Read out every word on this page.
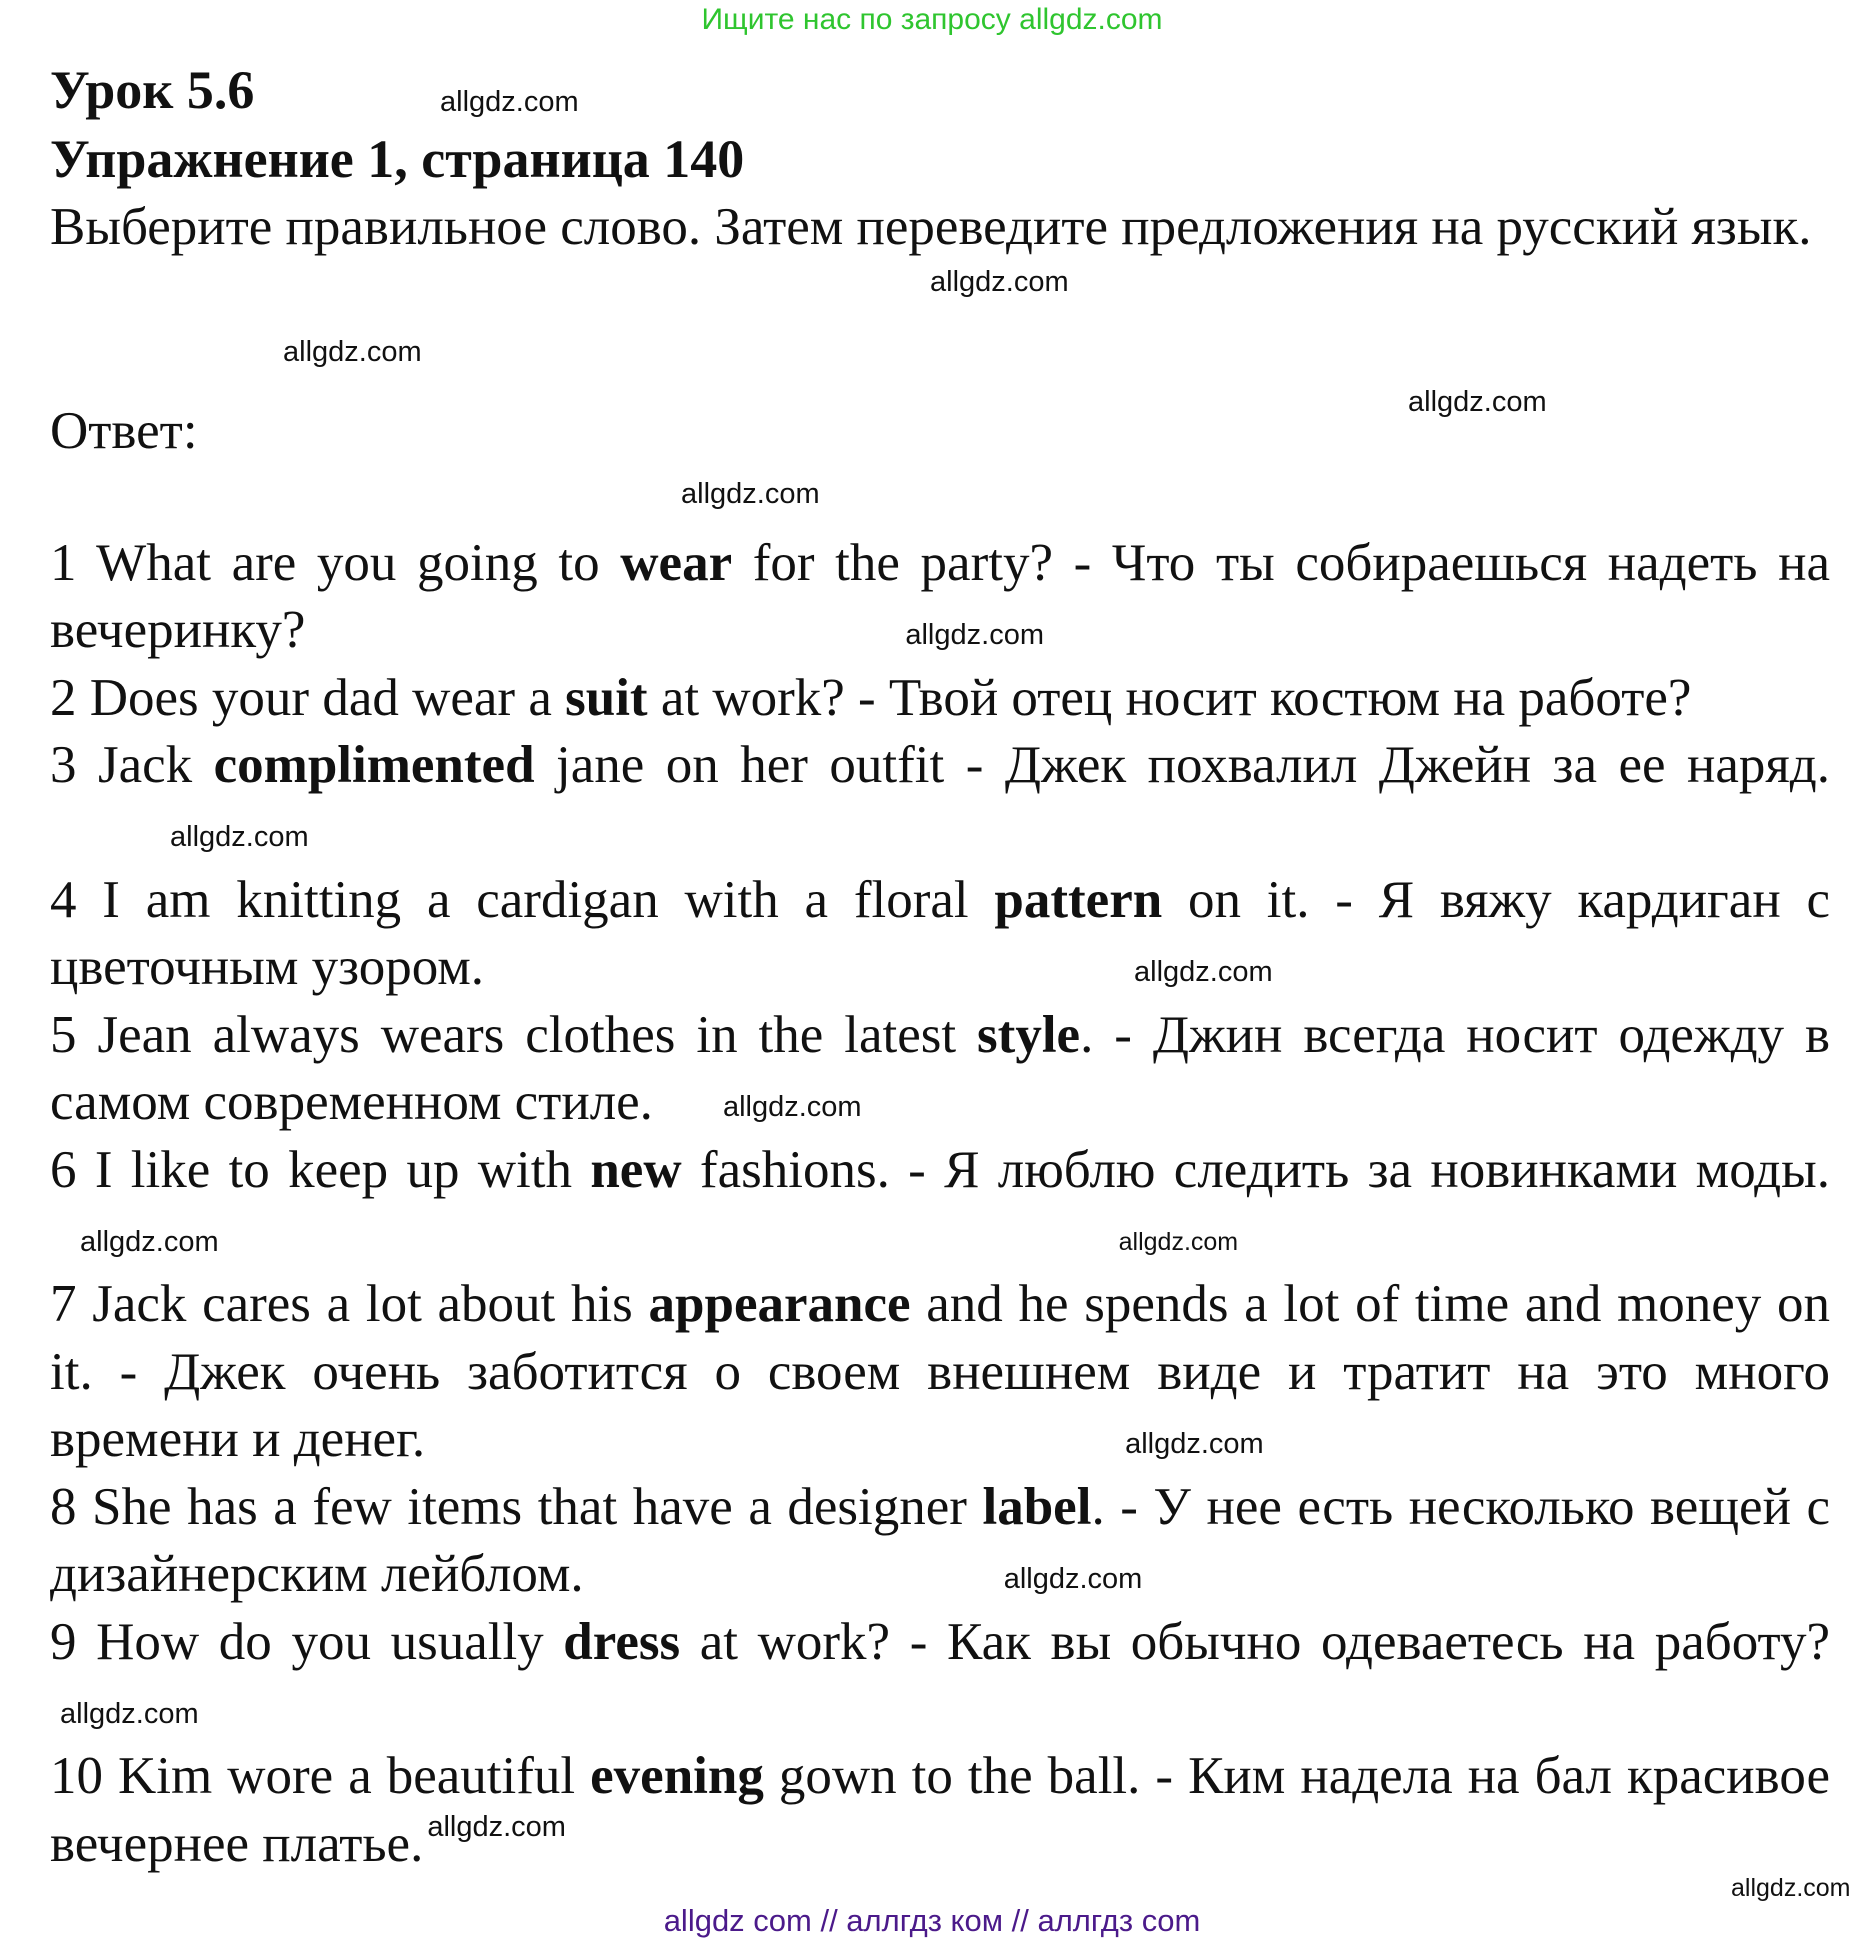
Ищите нас по запросу allgdz.com
Урок 5.6
Упражнение 1, страница 140
Выберите правильное слово. Затем переведите предложения на русский язык.
Ответ:
allgdz.com
allgdz.com
allgdz.com
allgdz.com
allgdz.com
1 What are you going to wear for the party? - Что ты собираешься надеть на вечеринку?	allgdz.com
2 Does your dad wear a suit at work? - Твой отец носит костюм на работе?
3 Jack complimented jane on her outfit - Джек похвалил Джейн за ее наряд.allgdz.com
4 I am knitting a cardigan with a floral pattern on it. - Я вяжу кардиган с цветочным узором.	allgdz.com
5 Jean always wears clothes in the latest style. - Джин всегда носит одежду в самом современном стиле. allgdz.com
6 I like to keep up with new fashions. - Я люблю следить за новинками моды.allgdz.com	allgdz.com
7 Jack cares a lot about his appearance and he spends a lot of time and money on it. - Джек очень заботится о своем внешнем виде и тратит на это много времени и денег.	allgdz.com
8 She has a few items that have a designer label. - У нее есть несколько вещей с дизайнерским лейблом.	allgdz.com
9 How do you usually dress at work? - Как вы обычно одеваетесь на работу?allgdz.com
10 Kim wore a beautiful evening gown to the ball. - Ким надела на бал красивое вечернее платье. allgdz.com
allgdz.com
allgdz com // аллгдз ком // аллгдз com
